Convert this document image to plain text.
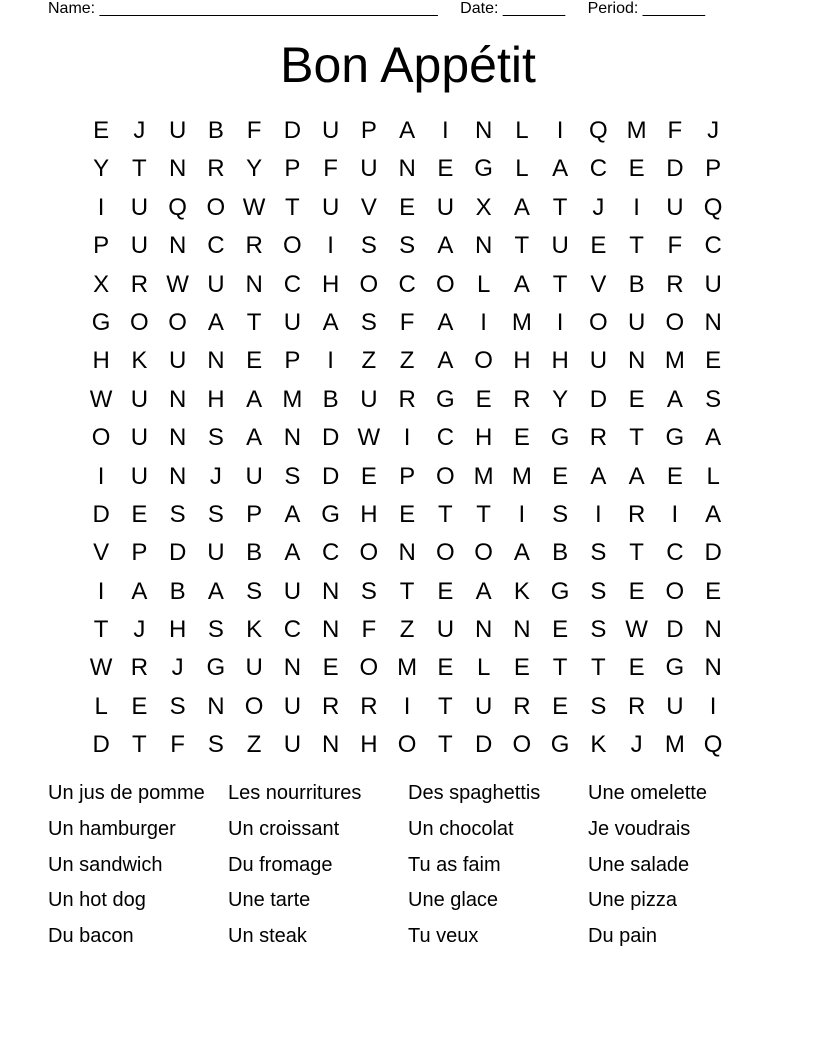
Name: ______________________________________ Date: _______ Period: _______
Bon Appétit
E	J U B F D U P A	I	N L	I	Q M F	J
Y T N R Y P F U N E G L A C E D P
I	U Q O W T U V E U X A T	J	I	U Q
P U N C R O	I	S S A N T U E T F C
X R W U N C H O C O L A T V B R U
G O O A T U A S F A	I	M	I	O U O N
H K U N E P	I	Z Z A O H H U N M E
W U N H A M B U R G E R Y D E A S
O U N S A N D W I	C H E G R T G A
I	U N J U S D E P O M M E A A E L
D E S S P A G H E T T	I	S	I	R	I	A
V P D U B A C O N O O A B S T C D
I	A B A S U N S T E A K G S E O E
T	J H S K C N F Z U N N E S W D N
W R J G U N E O M E L E T T E G N
L E S N O U R R	I	T U R E S R U	I
D T F S Z U N H O T D O G K	J M Q
Un jus de pomme	Les nourritures	Des spaghettis	Une omelette
Un hamburger	Un croissant	Un chocolat	Je voudrais
Un sandwich	Du fromage	Tu as faim	Une salade
Un hot dog	Une tarte	Une glace	Une pizza
Du bacon	Un steak	Tu veux	Du pain
